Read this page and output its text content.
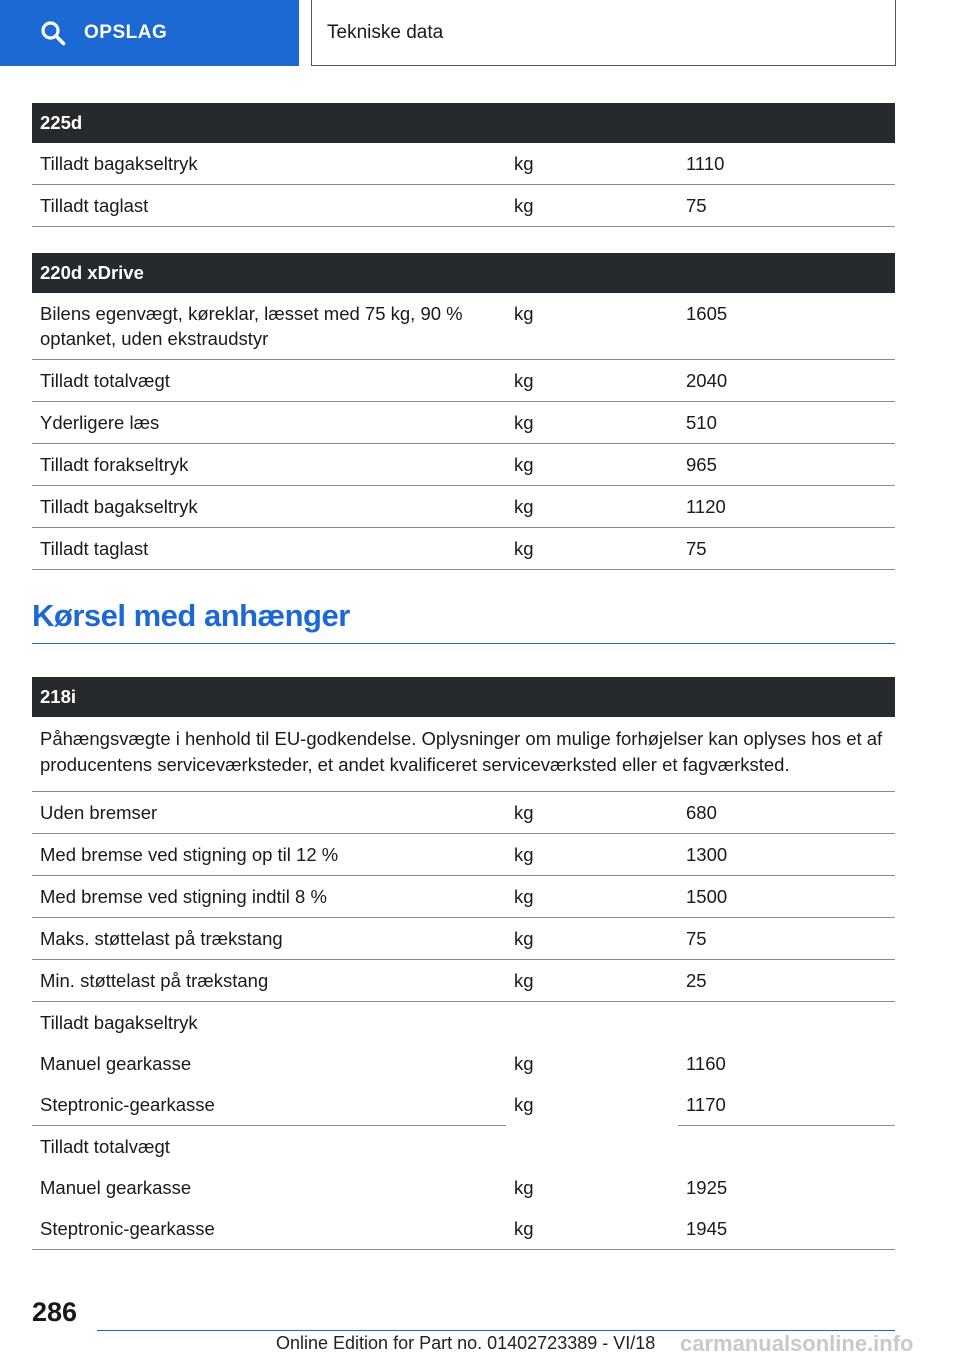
OPSLAG	Tekniske data
225d		
Tilladt bagakseltryk	kg	1110
Tilladt taglast	kg	75
220d xDrive		
Bilens egenvægt, køreklar, læsset med 75 kg, 90 % optanket, uden ekstraudstyr	kg	1605
Tilladt totalvægt	kg	2040
Yderligere læs	kg	510
Tilladt forakseltryk	kg	965
Tilladt bagakseltryk	kg	1120
Tilladt taglast	kg	75
Kørsel med anhænger
218i		
Påhængsvægte i henhold til EU-godkendelse. Oplysninger om mulige forhøjelser kan oplyses hos et af producentens serviceværksteder, et andet kvalificeret serviceværksted eller et fagværksted.		
Uden bremser	kg	680
Med bremse ved stigning op til 12 %	kg	1300
Med bremse ved stigning indtil 8 %	kg	1500
Maks. støttelast på trækstang	kg	75
Min. støttelast på trækstang	kg	25
Tilladt bagakseltryk		
Manuel gearkasse	kg	1160
Steptronic-gearkasse	kg	1170
Tilladt totalvægt		
Manuel gearkasse	kg	1925
Steptronic-gearkasse	kg	1945
286
Online Edition for Part no. 01402723389 - VI/18 carmanualsonline.info
